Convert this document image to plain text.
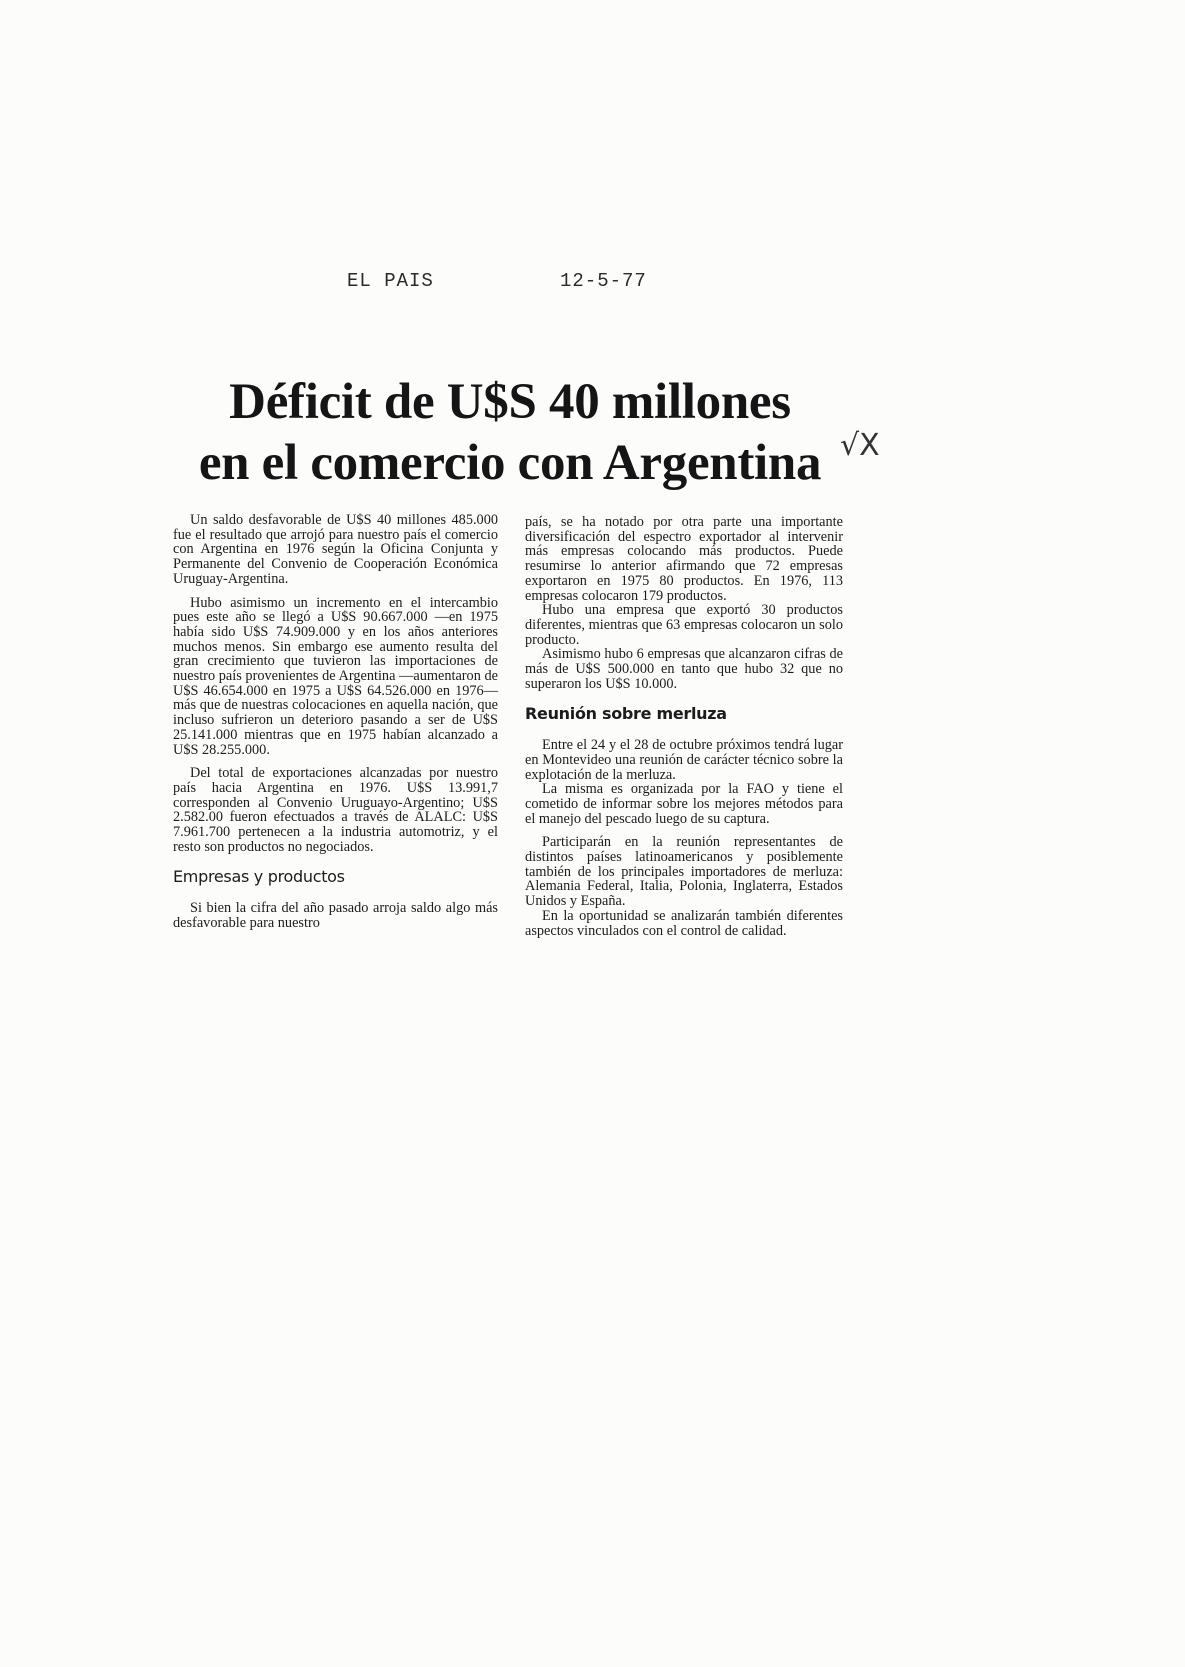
EL PAIS	12-5-77
Déficit de U$S 40 millones
en el comercio con Argentina √X

Un saldo desfavorable de U$S 40 millones 485.000 fue el resultado que arrojó para nuestro país el comercio con Argentina en 1976 según la Oficina Conjunta y Permanente del Convenio de Cooperación Económica Uruguay-Argentina.

Hubo asimismo un incremento en el intercambio pues este año se llegó a U$S 90.667.000 —en 1975 había sido U$S 74.909.000 y en los años anteriores muchos menos. Sin embargo ese aumento resulta del gran crecimiento que tuvieron las importaciones de nuestro país provenientes de Argentina —aumentaron de U$S 46.654.000 en 1975 a U$S 64.526.000 en 1976— más que de nuestras colocaciones en aquella nación, que incluso sufrieron un deterioro pasando a ser de U$S 25.141.000 mientras que en 1975 habían alcanzado a U$S 28.255.000.

Del total de exportaciones alcanzadas por nuestro país hacia Argentina en 1976. U$S 13.991,7 corresponden al Convenio Uruguayo-Argentino; U$S 2.582.00 fueron efectuados a través de ALALC: U$S 7.961.700 pertenecen a la industria automotriz, y el resto son productos no negociados.

Empresas y productos

Si bien la cifra del año pasado arroja saldo algo más desfavorable para nuestro

país, se ha notado por otra parte una importante diversificación del espectro exportador al intervenir más empresas colocando más productos. Puede resumirse lo anterior afirmando que 72 empresas exportaron en 1975 80 productos. En 1976, 113 empresas colocaron 179 productos.

Hubo una empresa que exportó 30 productos diferentes, mientras que 63 empresas colocaron un solo producto.

Asimismo hubo 6 empresas que alcanzaron cifras de más de U$S 500.000 en tanto que hubo 32 que no superaron los U$S 10.000.

Reunión sobre merluza

Entre el 24 y el 28 de octubre próximos tendrá lugar en Montevideo una reunión de carácter técnico sobre la explotación de la merluza.

La misma es organizada por la FAO y tiene el cometido de informar sobre los mejores métodos para el manejo del pescado luego de su captura.

Participarán en la reunión representantes de distintos países latinoamericanos y posiblemente también de los principales importadores de merluza: Alemania Federal, Italia, Polonia, Inglaterra, Estados Unidos y España.

En la oportunidad se analizarán también diferentes aspectos vinculados con el control de calidad.
